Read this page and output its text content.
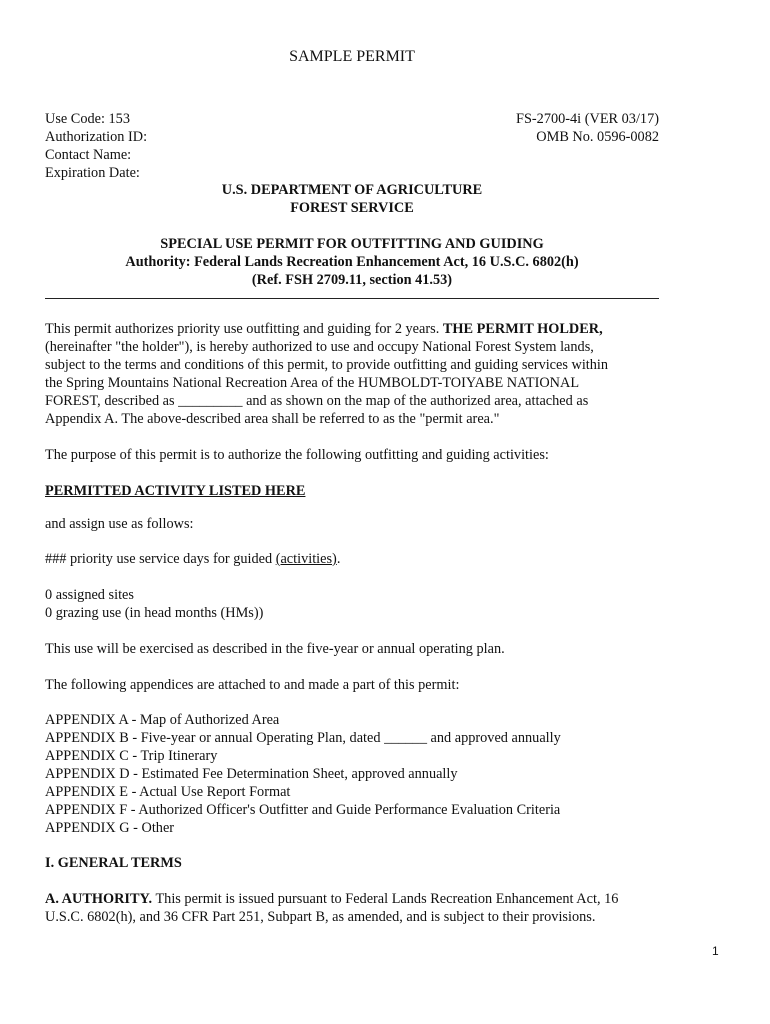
SAMPLE PERMIT
Use Code: 153
Authorization ID:
Contact Name:
Expiration Date:
FS-2700-4i (VER 03/17)
OMB No. 0596-0082
U.S. DEPARTMENT OF AGRICULTURE
FOREST SERVICE
SPECIAL USE PERMIT FOR OUTFITTING AND GUIDING
Authority: Federal Lands Recreation Enhancement Act, 16 U.S.C. 6802(h)
(Ref. FSH 2709.11, section 41.53)
This permit authorizes priority use outfitting and guiding for 2 years. THE PERMIT HOLDER,
(hereinafter "the holder"), is hereby authorized to use and occupy National Forest System lands,
subject to the terms and conditions of this permit, to provide outfitting and guiding services within
the Spring Mountains National Recreation Area of the HUMBOLDT-TOIYABE NATIONAL
FOREST, described as _________ and as shown on the map of the authorized area, attached as
Appendix A. The above-described area shall be referred to as the "permit area."
The purpose of this permit is to authorize the following outfitting and guiding activities:
PERMITTED ACTIVITY LISTED HERE
and assign use as follows:
### priority use service days for guided (activities).
0 assigned sites
0 grazing use (in head months (HMs))
This use will be exercised as described in the five-year or annual operating plan.
The following appendices are attached to and made a part of this permit:
APPENDIX A - Map of Authorized Area
APPENDIX B - Five-year or annual Operating Plan, dated ______ and approved annually
APPENDIX C - Trip Itinerary
APPENDIX D - Estimated Fee Determination Sheet, approved annually
APPENDIX E - Actual Use Report Format
APPENDIX F - Authorized Officer's Outfitter and Guide Performance Evaluation Criteria
APPENDIX G - Other
I. GENERAL TERMS
A. AUTHORITY. This permit is issued pursuant to Federal Lands Recreation Enhancement Act, 16
U.S.C. 6802(h), and 36 CFR Part 251, Subpart B, as amended, and is subject to their provisions.
1
